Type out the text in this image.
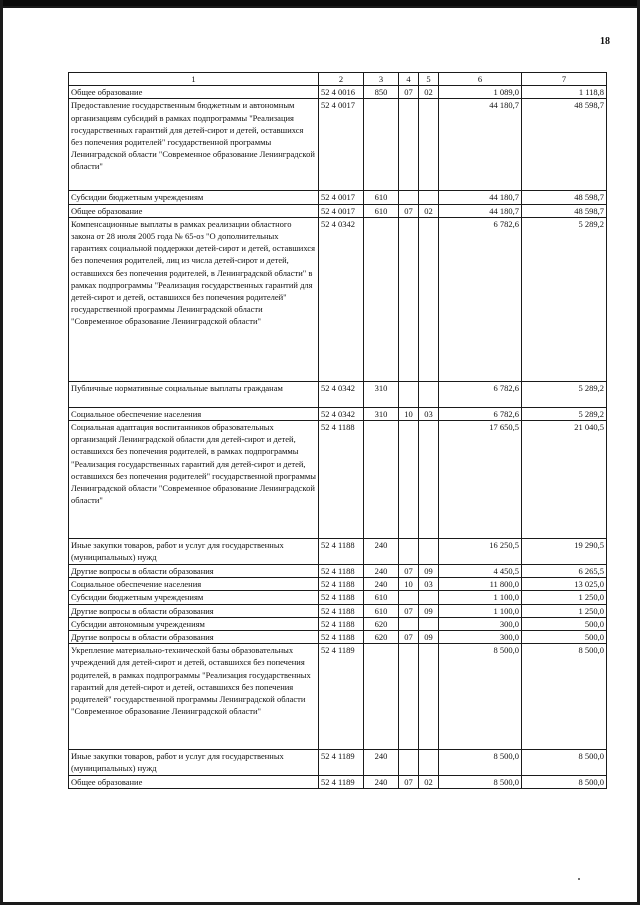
18
1	2	3	4	5	6	7
Общее образование	52 4 0016	850	07	02	1 089,0	1 118,8
Предоставление государственным бюджетным и автономным организациям субсидий в рамках подпрограммы "Реализация государственных гарантий для детей-сирот и детей, оставшихся без попечения родителей" государственной программы Ленинградской области "Современное образование Ленинградской области"	52 4 0017				44 180,7	48 598,7
Субсидии бюджетным учреждениям	52 4 0017	610			44 180,7	48 598,7
Общее образование	52 4 0017	610	07	02	44 180,7	48 598,7
Компенсационные выплаты в рамках реализации областного закона от 28 июля 2005 года № 65-оз "О дополнительных гарантиях социальной поддержки детей-сирот и детей, оставшихся без попечения родителей, лиц из числа детей-сирот и детей, оставшихся без попечения родителей, в Ленинградской области" в рамках подпрограммы "Реализация государственных гарантий для детей-сирот и детей, оставшихся без попечения родителей" государственной программы Ленинградской области "Современное образование Ленинградской области"	52 4 0342				6 782,6	5 289,2
Публичные нормативные социальные выплаты гражданам	52 4 0342	310			6 782,6	5 289,2
Социальное обеспечение населения	52 4 0342	310	10	03	6 782,6	5 289,2
Социальная адаптация воспитанников образовательных организаций Ленинградской области для детей-сирот и детей, оставшихся без попечения родителей, в рамках подпрограммы "Реализация государственных гарантий для детей-сирот и детей, оставшихся без попечения родителей" государственной программы Ленинградской области "Современное образование Ленинградской области"	52 4 1188				17 650,5	21 040,5
Иные закупки товаров, работ и услуг для государственных (муниципальных) нужд	52 4 1188	240			16 250,5	19 290,5
Другие вопросы в области образования	52 4 1188	240	07	09	4 450,5	6 265,5
Социальное обеспечение населения	52 4 1188	240	10	03	11 800,0	13 025,0
Субсидии бюджетным учреждениям	52 4 1188	610			1 100,0	1 250,0
Другие вопросы в области образования	52 4 1188	610	07	09	1 100,0	1 250,0
Субсидии автономным учреждениям	52 4 1188	620			300,0	500,0
Другие вопросы в области образования	52 4 1188	620	07	09	300,0	500,0
Укрепление материально-технической базы образовательных учреждений для детей-сирот и детей, оставшихся без попечения родителей, в рамках подпрограммы "Реализация государственных гарантий для детей-сирот и детей, оставшихся без попечения родителей" государственной программы Ленинградской области "Современное образование Ленинградской области"	52 4 1189				8 500,0	8 500,0
Иные закупки товаров, работ и услуг для государственных (муниципальных) нужд	52 4 1189	240			8 500,0	8 500,0
Общее образование	52 4 1189	240	07	02	8 500,0	8 500,0
